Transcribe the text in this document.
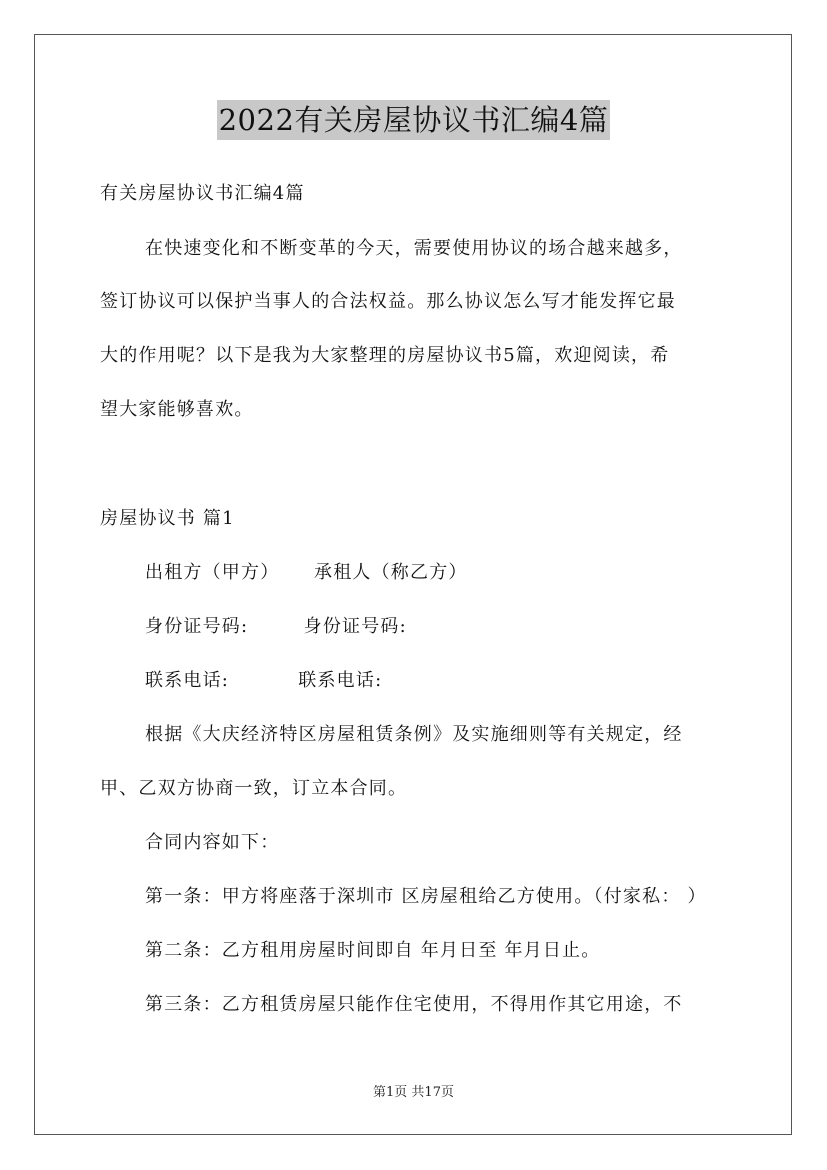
2022有关房屋协议书汇编4篇
有关房屋协议书汇编4篇
在快速变化和不断变革的今天，需要使用协议的场合越来越多，
签订协议可以保护当事人的合法权益。那么协议怎么写才能发挥它最
大的作用呢？以下是我为大家整理的房屋协议书5篇，欢迎阅读，希
望大家能够喜欢。
房屋协议书 篇1
出租方（甲方）     承租人（称乙方）
身份证号码:        身份证号码:
联系电话:          联系电话:
根据《大庆经济特区房屋租赁条例》及实施细则等有关规定，经
甲、乙双方协商一致，订立本合同。
合同内容如下：
第一条：甲方将座落于深圳市 区房屋租给乙方使用。（付家私： ）
第二条：乙方租用房屋时间即自 年月日至 年月日止。
第三条：乙方租赁房屋只能作住宅使用，不得用作其它用途，不
第1页 共17页
